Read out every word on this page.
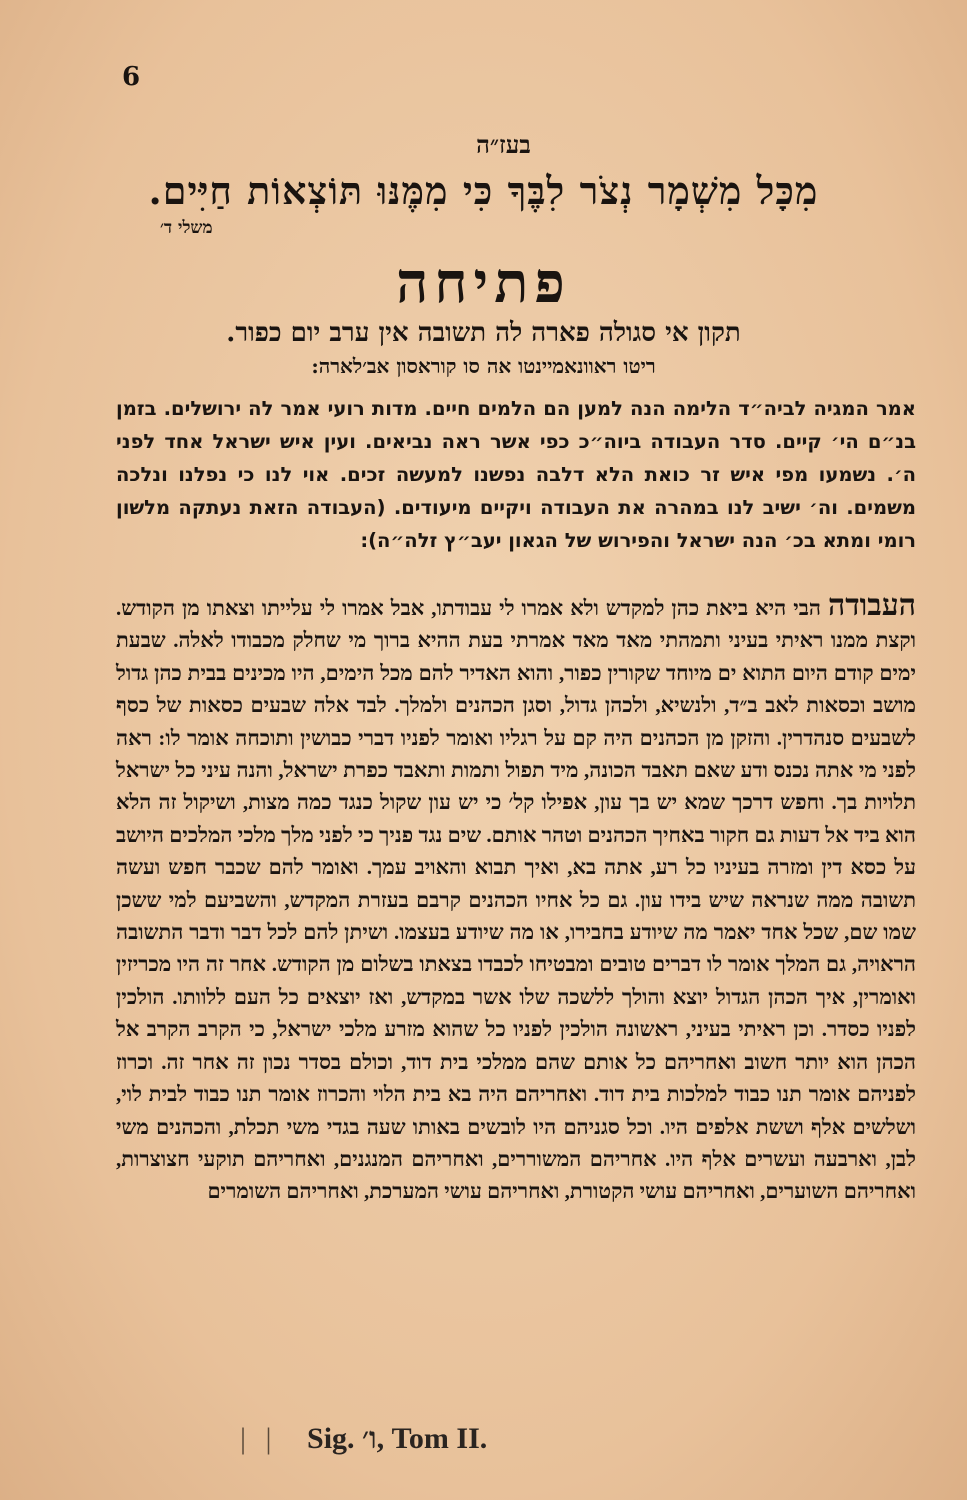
6
בעז״ה
מִכָּל מִשְׁמָר נְצֹר לִבֶּךָ כִּי מִמֶּנּוּ תּוֹצְאוֹת חַיִּים.
משלי ד׳
פתיחה
תקון אי סגולה פארה לה תשובה אין ערב יום כפור.
ריטו ראוונאמיינטו אה סו קוראסון אב׳לארה:
אמר המגיה לביה״ד הלימה הנה למען הם הלמים חיים. מדות רועי אמר לה ירושלים. בזמן בנ״ם הי׳ קיים. סדר העבודה ביוה״כ כפי אשר ראה נביאים. ועין איש ישראל אחד לפני ה׳. נשמעו מפי איש זר כואת הלא דלבה נפשנו למעשה זכים. אוי לנו כי נפלנו ונלכה משמים. וה׳ ישיב לנו במהרה את העבודה ויקיים מיעודים. (העבודה הזאת נעתקה מלשון רומי ומתא בכ׳ הנה ישראל והפירוש של הגאון יעב״ץ זלה״ה):
העבודה הבי היא ביאת כהן למקדש ולא אמרו לי עבודתו, אבל אמרו לי עלייתו וצאתו מן הקודש. וקצת ממנו ראיתי בעיני ותמהתי מאד מאד אמרתי בעת ההיא ברוך מי שחלק מכבודו לאלה. שבעת ימים קודם היום התוא ים מיוחד שקורין כפור, והוא האדיר להם מכל הימים, היו מכינים בבית כהן גדול מושב וכסאות לאב ב״ד, ולנשיא, ולכהן גדול, וסגן הכהנים ולמלך. לבד אלה שבעים כסאות של כסף לשבעים סנהדרין. והזקן מן הכהנים היה קם על רגליו ואומר לפניו דברי כבושין ותוכחה אומר לו: ראה לפני מי אתה נכנס ודע שאם תאבד הכונה, מיד תפול ותמות ותאבד כפרת ישראל, והנה עיני כל ישראל תלויות בך. וחפש דרכך שמא יש בך עון, אפילו קל׳ כי יש עון שקול כנגד כמה מצות, ושיקול זה הלא הוא ביד אל דעות גם חקור באחיך הכהנים וטהר אותם. שים נגד פניך כי לפני מלך מלכי המלכים היושב על כסא דין ומזרה בעיניו כל רע, אתה בא, ואיך תבוא והאויב עמך. ואומר להם שכבר חפש ועשה תשובה ממה שנראה שיש בידו עון. גם כל אחיו הכהנים קרבם בעזרת המקדש, והשביעם למי ששכן שמו שם, שכל אחד יאמר מה שיודע בחבירו, או מה שיודע בעצמו. ושיתן להם לכל דבר ודבר התשובה הראויה, גם המלך אומר לו דברים טובים ומבטיחו לכבדו בצאתו בשלום מן הקודש. אחר זה היו מכריזין ואומרין, איך הכהן הגדול יוצא והולך ללשכה שלו אשר במקדש, ואז יוצאים כל העם ללוותו. הולכין לפניו כסדר. וכן ראיתי בעיני, ראשונה הולכין לפניו כל שהוא מזרע מלכי ישראל, כי הקרב הקרב אל הכהן הוא יותר חשוב ואחריהם כל אותם שהם ממלכי בית דוד, וכולם בסדר נכון זה אחר זה. וכרוז לפניהם אומר תנו כבוד למלכות בית דוד. ואחריהם היה בא בית הלוי והכרוז אומר תנו כבוד לבית לוי, ושלשים אלף וששת אלפים היו. וכל סגניהם היו לובשים באותו שעה בגדי משי תכלת, והכהנים משי לבן, וארבעה ועשרים אלף היו. אחריהם המשוררים, ואחריהם המנגנים, ואחריהם תוקעי חצוצרות, ואחריהם השוערים, ואחריהם עושי הקטורת, ואחריהם עושי המערכת, ואחריהם השומרים
| | Sig. ו׳, Tom II.
